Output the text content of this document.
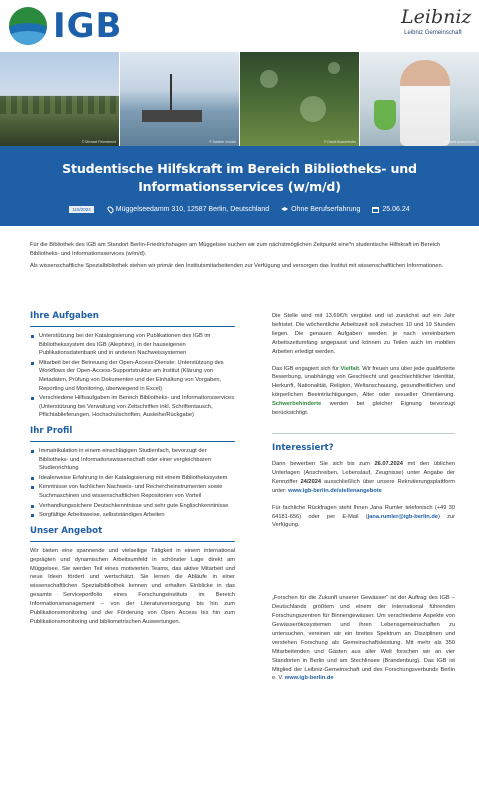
IGB	Leibniz
Leibniz Gemeinschaft
© Michael Feierabend	© Nadine Joraski	© David Ausserhofer	© David Ausserhofer
Studentische Hilfskraft im Bereich Bibliotheks- und Informationsservices (w/m/d)
115/2024	Müggelseedamm 310, 12587 Berlin, Deutschland	Ohne Berufserfahrung	25.06.24

Für die Bibliothek des IGB am Standort Berlin-Friedrichshagen am Müggelsee suchen wir zum nächstmöglichen Zeitpunkt eine*n studentische Hilfskraft im Bereich Bibliotheks- und Informationsservices (w/m/d).

Als wissenschaftliche Spezialbibliothek stehen wir primär den Institutsmitarbeitenden zur Verfügung und versorgen das Institut mit wissenschaftlichen Informationen.

Ihre Aufgaben
Unterstützung bei der Katalogisierung von Publikationen des IGB im Bibliothekssystem des IGB (Alephino), in der hauseigenen Publikationsdatenbank und in anderen Nachweissystemen
Mitarbeit bei der Betreuung der Open-Access-Dienste: Unterstützung des Workflows der Open-Access-Supportstruktur am Institut (Klärung von Metadaten, Prüfung von Dokumenten und der Einhaltung von Vorgaben, Reporting und Monitoring, überwiegend in Excel)
Verschiedene Hilfsaufgaben im Bereich Bibliotheks- und Informationsservices (Unterstützung bei Verwaltung von Zeitschriften inkl. Schriftentausch, Pflichtablieferungen, Hochschulschriften, Ausleihe/Rückgabe)
Ihr Profil
Immatrikulation in einem einschlägigen Studienfach, bevorzugt der Bibliotheks- und Informationswissenschaft oder einer vergleichbaren Studienrichtung
Idealerweise Erfahrung in der Katalogisierung mit einem Bibliothekssystem
Kenntnisse von fachlichen Nachweis- und Rechercheinstrumenten sowie Suchmaschinen und wissenschaftlichen Repositorien von Vorteil
Verhandlungssichere Deutschkenntnisse und sehr gute Englischkenntnisse
Sorgfältige Arbeitsweise, selbstständiges Arbeiten
Unser Angebot
Wir bieten eine spannende und vielseitige Tätigkeit in einem international geprägten und dynamischen Arbeitsumfeld in schönster Lage direkt am Müggelsee. Sie werden Teil eines motivierten Teams, das aktive Mitarbeit und neue Ideen fördert und wertschätzt. Sie lernen die Abläufe in einer wissenschaftlichen Spezialbibliothek kennen und erhalten Einblicke in das gesamte Serviceportfolio eines Forschungsinstituts im Bereich Informationsmanagement – von der Literaturversorgung bis hin zum Publikationsmonitoring und der Förderung von Open Access bis hin zum Publikationsmonitoring und bibliometrischen Auswertungen.
Die Stelle wird mit 13,69€/h vergütet und ist zunächst auf ein Jahr befristet. Die wöchentliche Arbeitszeit soll zwischen 10 und 19 Stunden liegen. Die genauen Aufgaben werden je nach vereinbartem Arbeitszeitumfang angepasst und können zu Teilen auch im mobilen Arbeiten erledigt werden.
Das IGB engagiert sich für Vielfalt. Wir freuen uns über jede qualifizierte Bewerbung, unabhängig von Geschlecht und geschlechtlicher Identität, Herkunft, Nationalität, Religion, Weltanschauung, gesundheitlichen und körperlichen Beeinträchtigungen, Alter oder sexueller Orientierung. Schwerbehinderte werden bei gleicher Eignung bevorzugt berücksichtigt.
Interessiert?
Dann bewerben Sie sich bis zum 26.07.2024 mit den üblichen Unterlagen (Anschreiben, Lebenslauf, Zeugnisse) unter Angabe der Kennziffer 24/2024 ausschließlich über unsere Rekrutierungsplattform unter: www.igb-berlin.de/stellenangebote
Für fachliche Rückfragen steht Ihnen Jana Rumler telefonisch (+49 30 64181-656) oder per E-Mail (jana.rumler@igb-berlin.de) zur Verfügung.
„Forschen für die Zukunft unserer Gewässer“ ist der Auftrag des IGB – Deutschlands größtem und einem der international führenden Forschungszentren für Binnengewässer. Um verschiedene Aspekte von Gewässerökosystemen und ihren Lebensgemeinschaften zu untersuchen, vereinen wir ein breites Spektrum an Disziplinen und verstehen Forschung als Gemeinschaftsleistung. Mit mehr als 350 Mitarbeitenden und Gästen aus aller Welt forschen wir an vier Standorten in Berlin und am Stechlinsee (Brandenburg). Das IGB ist Mitglied der Leibniz-Gemeinschaft und des Forschungsverbunds Berlin e. V. www.igb-berlin.de
